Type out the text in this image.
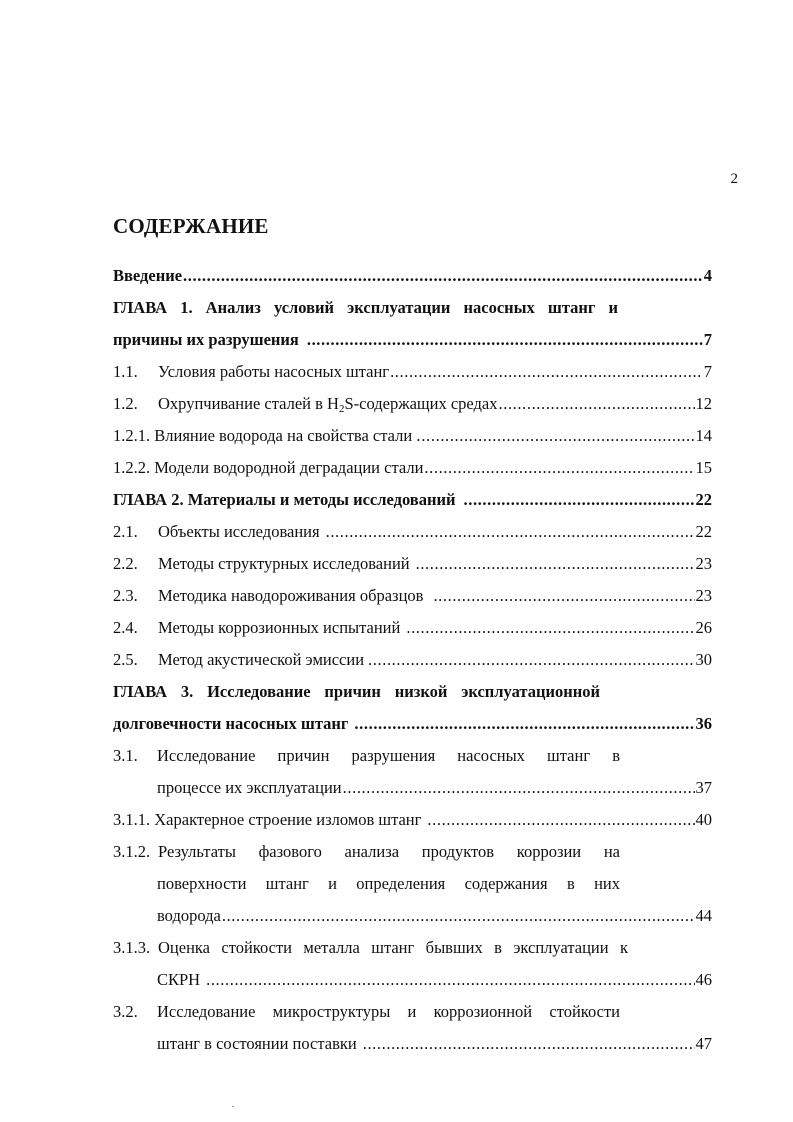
2
СОДЕРЖАНИЕ
Введение .....	4
ГЛАВА 1. Анализ условий эксплуатации насосных штанг и
причины их разрушения .....	7
1.1. Условия работы насосных штанг .....	7
1.2. Охрупчивание сталей в $H_2S$-содержащих средах .....	12
1.2.1. Влияние водорода на свойства стали . .....	14
1.2.2. Модели водородной деградации стали .....	15
ГЛАВА 2. Материалы и методы исследований .....	22
2.1. Объекты исследования .....	22
2.2. Методы структурных исследований .....	23
2.3. Методика наводороживания образцов .....	23
2.4. Методы коррозионных испытаний .....	26
2.5. Метод акустической эмиссии .....	30
ГЛАВА 3. Исследование причин низкой эксплуатационной
долговечности насосных штанг .....	36
3.1. Исследование причин разрушения насосных штанг в
процессе их эксплуатации .....	37
3.1.1. Характерное строение изломов штанг .....	40
3.1.2. Результаты фазового анализа продуктов коррозии на
поверхности штанг и определения содержания в них
водорода .....	44
3.1.3. Оценка стойкости металла штанг бывших в эксплуатации к
СКРН .....	46
3.2. Исследование микроструктуры и коррозионной стойкости
штанг в состоянии поставки .....	47
